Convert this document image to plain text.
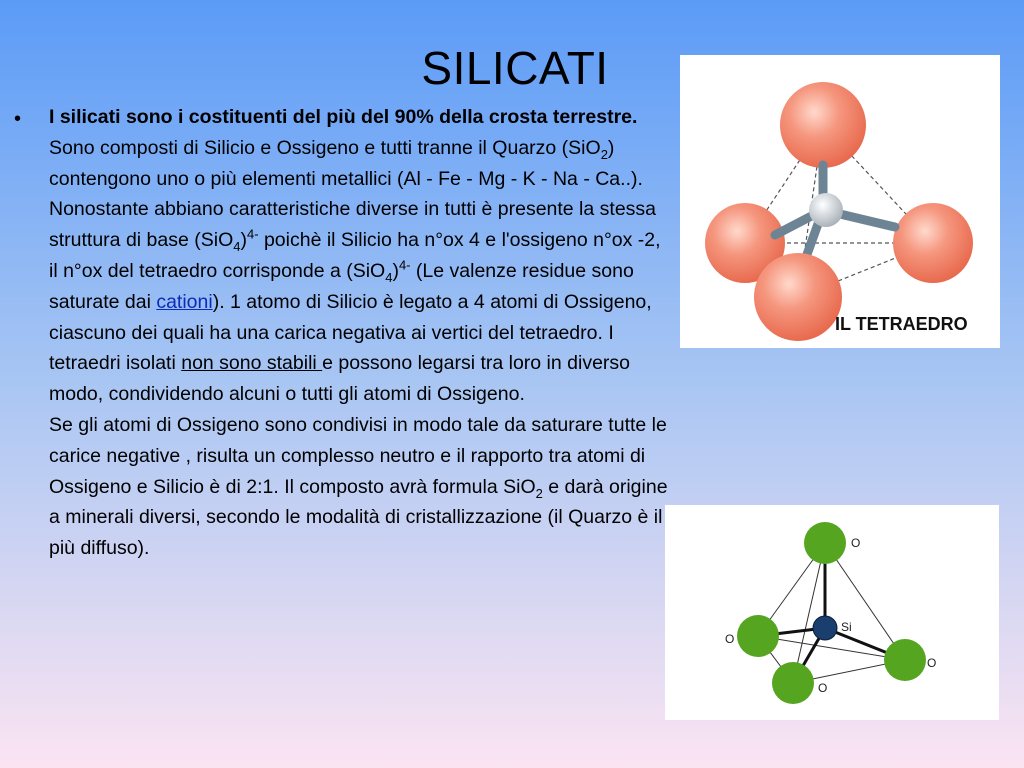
SILICATI
• I silicati sono i costituenti del più del 90% della crosta terrestre.

Sono composti di Silicio e Ossigeno e tutti tranne il Quarzo (SiO$_2$) contengono uno o più elementi metallici (Al - Fe - Mg - K - Na - Ca..).

Nonostante abbiano caratteristiche diverse in tutti è presente la stessa struttura di base $(SiO_4)^{4-}$ poichè il Silicio ha n°ox 4 e l'ossigeno n°ox -2, il n°ox del tetraedro corrisponde a $(SiO_4)^{4-}$ (Le valenze residue sono saturate dai cationi). 1 atomo di Silicio è legato a 4 atomi di Ossigeno, ciascuno dei quali ha una carica negativa ai vertici del tetraedro. I tetraedri isolati non sono stabili e possono legarsi tra loro in diverso modo, condividendo alcuni o tutti gli atomi di Ossigeno.

Se gli atomi di Ossigeno sono condivisi in modo tale da saturare tutte le carice negative , risulta un complesso neutro e il rapporto tra atomi di Ossigeno e Silicio è di 2:1. Il composto avrà formula SiO$_2$ e darà origine a minerali diversi, secondo le modalità di cristallizzazione (il Quarzo è il più diffuso).

IL TETRAEDRO
O
O
O
O
Si
